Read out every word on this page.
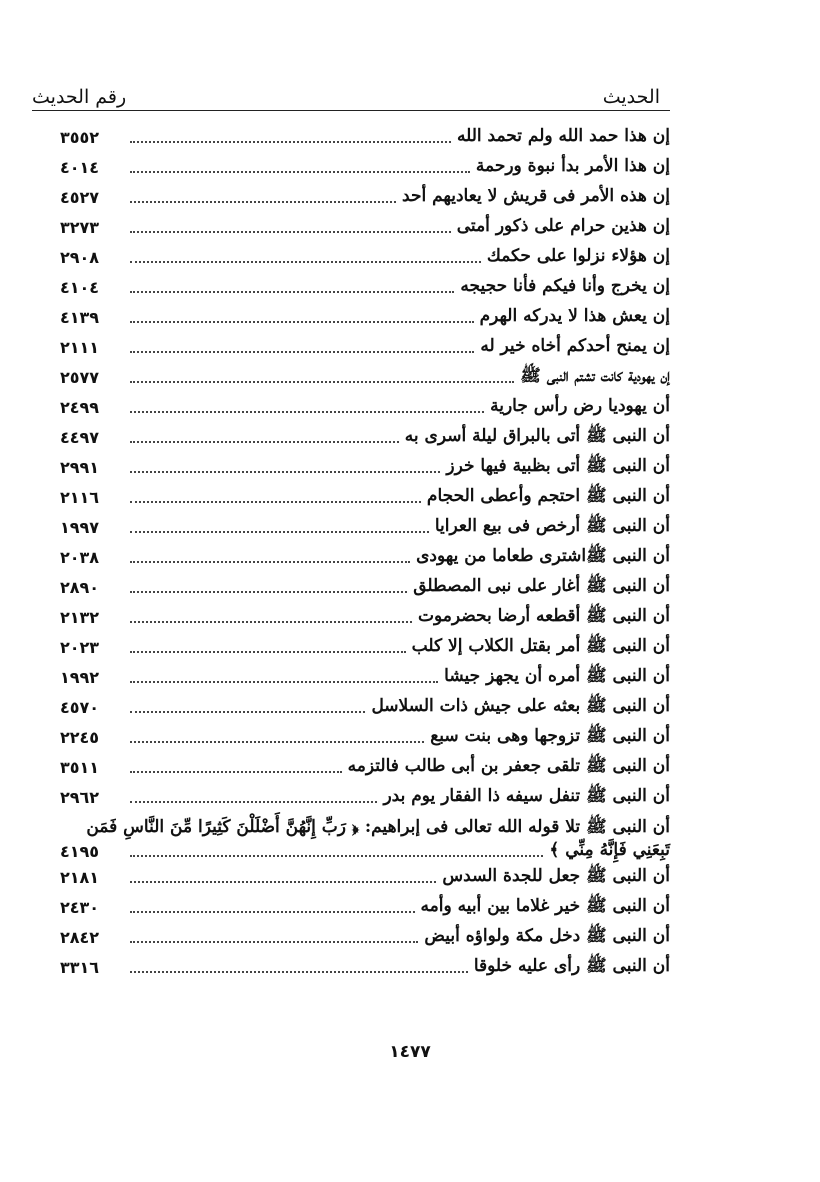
الحديث
رقم الحديث
إن هذا حمد الله ولم تحمد الله
٣٥٥٢
إن هذا الأمر بدأ نبوة ورحمة
٤٠١٤
إن هذه الأمر فى قريش لا يعاديهم أحد
٤٥٢٧
إن هذين حرام على ذكور أمتى
٣٢٧٣
إن هؤلاء نزلوا على حكمك
٢٩٠٨
إن يخرج وأنا فيكم فأنا حجيجه
٤١٠٤
إن يعش هذا لا يدركه الهرم
٤١٣٩
إن يمنح أحدكم أخاه خير له
٢١١١
إن يهودية كانت تشتم النبى ﷺ
٢٥٧٧
أن يهوديا رض رأس جارية
٢٤٩٩
أن النبى ﷺ أتى بالبراق ليلة أسرى به
٤٤٩٧
أن النبى ﷺ أتى بظبية فيها خرز
٢٩٩١
أن النبى ﷺ احتجم وأعطى الحجام
٢١١٦
أن النبى ﷺ أرخص فى بيع العرايا
١٩٩٧
أن النبى ﷺاشترى طعاما من يهودى
٢٠٣٨
أن النبى ﷺ أغار على نبى المصطلق
٢٨٩٠
أن النبى ﷺ أقطعه أرضا بحضرموت
٢١٣٢
أن النبى ﷺ أمر بقتل الكلاب إلا كلب
٢٠٢٣
أن النبى ﷺ أمره أن يجهز جيشا
١٩٩٢
أن النبى ﷺ بعثه على جيش ذات السلاسل
٤٥٧٠
أن النبى ﷺ تزوجها وهى بنت سبع
٢٢٤٥
أن النبى ﷺ تلقى جعفر بن أبى طالب فالتزمه
٣٥١١
أن النبى ﷺ تنفل سيفه ذا الفقار يوم بدر
٢٩٦٢
أن النبى ﷺ تلا قوله الله تعالى فى إبراهيم: ﴿ رَبِّ إِنَّهُنَّ أَضْلَلْنَ كَثِيرًا مِّنَ النَّاسِ فَمَن
تَبِعَنِي فَإِنَّهُ مِنِّي ﴾
٤١٩٥
أن النبى ﷺ جعل للجدة السدس
٢١٨١
أن النبى ﷺ خير غلاما بين أبيه وأمه
٢٤٣٠
أن النبى ﷺ دخل مكة ولواؤه أبيض
٢٨٤٢
أن النبى ﷺ رأى عليه خلوقا
٣٣١٦
١٤٧٧
